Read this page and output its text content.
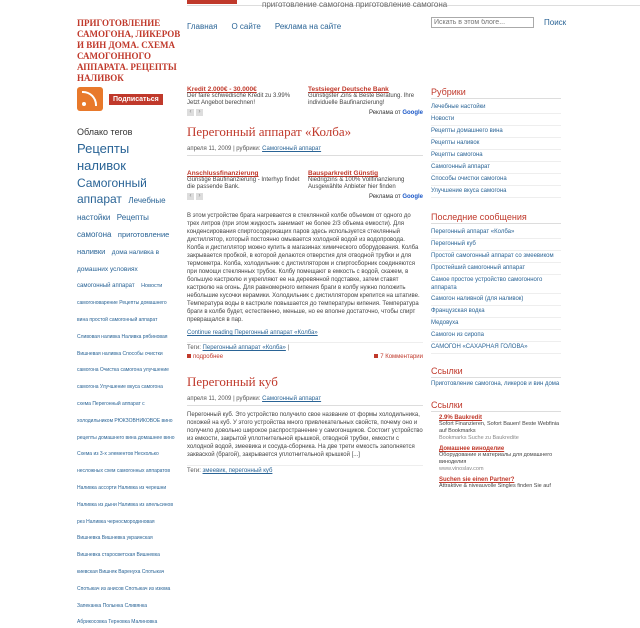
приготовление самогона приготовление самогона
ПРИГОТОВЛЕНИЕ САМОГОНА, ЛИКЕРОВ И ВИН ДОМА. СХЕМА САМОГОННОГО АППАРАТА. РЕЦЕПТЫ НАЛИВОК
Главная О сайте Реклама на сайте
Искать в этом блоге...	Поиск
Подписаться
Облако тегов
Рецепты наливок Самогонный аппарат Лечебные настойки Рецепты самогона приготовление наливки дома наливка в домашних условиях самогонный аппарат Новости самогоноварение Рецепты домашнего вина простой самогонный аппарат Сливовая наливка Наливка рябиновая Вишневая наливка Способы очистки самогона Очистка самогона улучшение самогона Улучшение вкуса самогона схема Перегонный аппарат с холодильником РЮКЗОВНИКОВОЕ вино рецепты домашнего вина домашнее вино Схема из 3-х элементов Несколько несложных схем самогонных аппаратов Наливка ассорти Наливка из черешни Наливка из дыни Наливка из апельсинов рез Наливка черносмородиновая Вишневка Вишневка украинская Вишневка старосветская Вишневка киевская Вишняк Варенуха Спотыкач Спотыкач из анисов Спотыкач из изюма Запеканка Полынка Сливянка Абрикосовка Терновка Малиновка
Kredit 2.000€ - 30.000€
Der faire schwedische Kredit zu 3.99% Jetzt Angebot berechnen!
Testsieger Deutsche Bank
Günstigster Zins & Beste Beratung. Ihre individuelle Baufinanzierung!
‹	›	Реклама от Google
Перегонный аппарат «Колба»
апреля 11, 2009 | рубрики: Самогонный аппарат
Anschlussfinanzierung
Günstige Baufinanzierung - Interhyp findet die passende Bank.
Bausparkredit Günstig
Niedrigzins & 100% Vollfinanzierung Ausgewählte Anbieter hier finden
‹	›	Реклама от Google
В этом устройстве брага нагревается в стеклянной колбе объемом от одного до трех литров (при этом жидкость занимает не более 2/3 объема емкости). Для конденсирования спиртосодержащих паров здесь используется стеклянный дистиллятор, который постоянно омывается холодной водой из водопровода. Колба и дистиллятор можно купить в магазинах химического оборудования. Колба закрывается пробкой, в которой делаются отверстия для отводной трубки и для термометра. Колба, холодильник с дистиллятором и спиртосборник соединяются при помощи стеклянных трубок. Колбу помещают в емкость с водой, скажем, в большую кастрюлю и укрепляют ее на деревянной подставке, затем ставят кастрюлю на огонь. Для равномерного кипения браги в колбу нужно положить небольшие кусочки керамики. Холодильник с дистиллятором крепится на штативе. Температура воды в кастрюле повышается до температуры кипения. Температура браги в колбе будет, естественно, меньше, но ее вполне достаточно, чтобы спирт превращался в пар.
Continue reading Перегонный аппарат «Колба»
Теги: Перегонный аппарат «Колба» |
подробнее	7 Комментарии
Перегонный куб
апреля 11, 2009 | рубрики: Самогонный аппарат
Перегонный куб. Это устройство получило свое название от формы холодильника, похожей на куб. У этого устройства много привлекательных свойств, почему оно и получило довольно широкое распространение у самогонщиков. Состоит устройство из емкости, закрытой уплотнительной крышкой, отводной трубки, емкости с холодной водой, змеевика и сосуда-сборника. На две трети емкость заполняется закваской (брагой), закрывается уплотнительной крышкой [...]
Теги: змеевик, перегонный куб
Рубрики
Лечебные настойки
Новости
Рецепты домашнего вина
Рецепты наливок
Рецепты самогона
Самогонный аппарат
Способы очистки самогона
Улучшение вкуса самогона
Последние сообщения
Перегонный аппарат «Колба»
Перегонный куб
Простой самогонный аппарат со змеевиком
Простейший самогонный аппарат
Самое простое устройство самогонного аппарата
Самогон наливной (для наливок)
Французская водка
Медовуха
Самогон из сиропа
САМОГОН «САХАРНАЯ ГОЛОВА»
Ссылки
Приготовление самогона, ликеров и вин дома
Ссылки
2.9% Baukredit
Sofort Finanzieren, Sofort Bauen! Beste Webfinia auf Bookmarks
Bookmarks Suche zu Baukredite
Домашнее виноделие
Оборудование и материалы для домашнего виноделия
www.vinoslav.com
Suchen sie einen Partner?
Attraktive & niveauvolle Singles finden Sie auf
